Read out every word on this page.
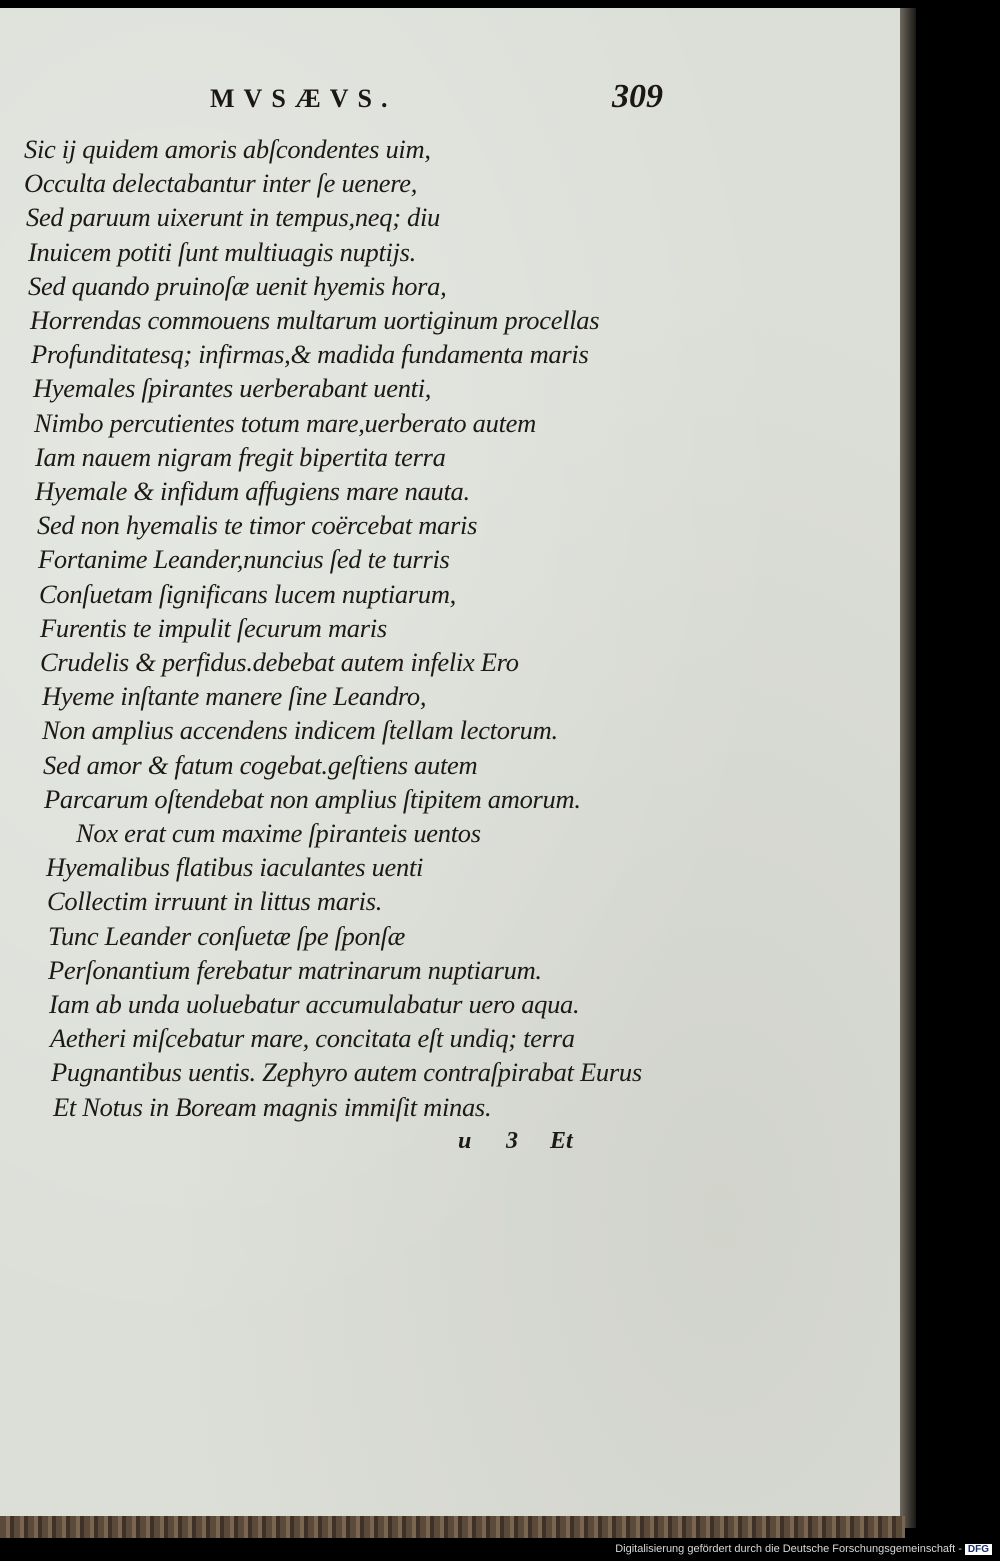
MVSÆVS.	309
Sic ij quidem amoris abſcondentes uim,
Occulta delectabantur inter ſe uenere,
Sed paruum uixerunt in tempus,neq; diu
Inuicem potiti ſunt multiuagis nuptijs.
Sed quando pruinoſæ uenit hyemis hora,
Horrendas commouens multarum uortiginum procellas
Profunditatesq; infirmas,& madida fundamenta maris
Hyemales ſpirantes uerberabant uenti,
Nimbo percutientes totum mare,uerberato autem
Iam nauem nigram fregit bipertita terra
Hyemale & infidum affugiens mare nauta.
Sed non hyemalis te timor coërcebat maris
Fortanime Leander,nuncius ſed te turris
Conſuetam ſignificans lucem nuptiarum,
Furentis te impulit ſecurum maris
Crudelis & perfidus.debebat autem infelix Ero
Hyeme inſtante manere ſine Leandro,
Non amplius accendens indicem ſtellam lectorum.
Sed amor & fatum cogebat.geſtiens autem
Parcarum oſtendebat non amplius ſtipitem amorum.
Nox erat cum maxime ſpiranteis uentos
Hyemalibus flatibus iaculantes uenti
Collectim irruunt in littus maris.
Tunc Leander conſuetæ ſpe ſponſæ
Perſonantium ferebatur matrinarum nuptiarum.
Iam ab unda uoluebatur accumulabatur uero aqua.
Aetheri miſcebatur mare, concitata eſt undiq; terra
Pugnantibus uentis. Zephyro autem contraſpirabat Eurus
Et Notus in Boream magnis immiſit minas.
u 3 Et
Digitalisierung gefördert durch die Deutsche Forschungsgemeinschaft - DFG
